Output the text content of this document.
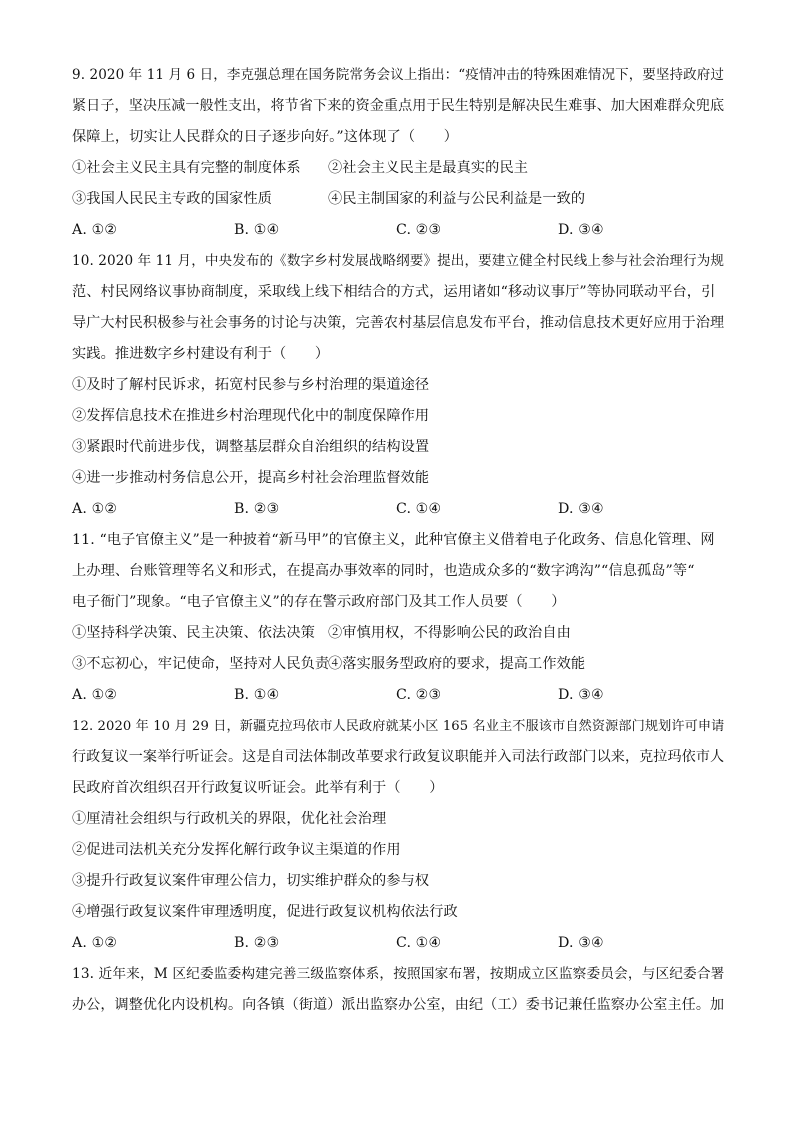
9. 2020 年 11 月 6 日，李克强总理在国务院常务会议上指出：“疫情冲击的特殊困难情况下，要坚持政府过
紧日子，坚决压减一般性支出，将节省下来的资金重点用于民生特别是解决民生难事、加大困难群众兜底
保障上，切实让人民群众的日子逐步向好。”这体现了（　　）
①社会主义民主具有完整的制度体系	②社会主义民主是最真实的民主
③我国人民民主专政的国家性质	④民主制国家的利益与公民利益是一致的
A. ①②	B. ①④	C. ②③	D. ③④
10. 2020 年 11 月，中央发布的《数字乡村发展战略纲要》提出，要建立健全村民线上参与社会治理行为规
范、村民网络议事协商制度，采取线上线下相结合的方式，运用诸如“移动议事厅”等协同联动平台，引
导广大村民积极参与社会事务的讨论与决策，完善农村基层信息发布平台，推动信息技术更好应用于治理
实践。推进数字乡村建设有利于（　　）
①及时了解村民诉求，拓宽村民参与乡村治理的渠道途径
②发挥信息技术在推进乡村治理现代化中的制度保障作用
③紧跟时代前进步伐，调整基层群众自治组织的结构设置
④进一步推动村务信息公开，提高乡村社会治理监督效能
A. ①②	B. ②③	C. ①④	D. ③④
11. “电子官僚主义”是一种披着“新马甲”的官僚主义，此种官僚主义借着电子化政务、信息化管理、网
上办理、台账管理等名义和形式，在提高办事效率的同时，也造成众多的“数字鸿沟”“信息孤岛”等“
电子衙门”现象。“电子官僚主义”的存在警示政府部门及其工作人员要（　　）
①坚持科学决策、民主决策、依法决策 ②审慎用权，不得影响公民的政治自由
③不忘初心，牢记使命，坚持对人民负责
④落实服务型政府的要求，提高工作效能
A. ①②	B. ①④	C. ②③	D. ③④
12. 2020 年 10 月 29 日，新疆克拉玛依市人民政府就某小区 165 名业主不服该市自然资源部门规划许可申请
行政复议一案举行听证会。这是自司法体制改革要求行政复议职能并入司法行政部门以来，克拉玛依市人
民政府首次组织召开行政复议听证会。此举有利于（　　）
①厘清社会组织与行政机关的界限，优化社会治理
②促进司法机关充分发挥化解行政争议主渠道的作用
③提升行政复议案件审理公信力，切实维护群众的参与权
④增强行政复议案件审理透明度，促进行政复议机构依法行政
A. ①②	B. ②③	C. ①④	D. ③④
13. 近年来，M 区纪委监委构建完善三级监察体系，按照国家布署，按期成立区监察委员会，与区纪委合署
办公，调整优化内设机构。向各镇（街道）派出监察办公室，由纪（工）委书记兼任监察办公室主任。加
